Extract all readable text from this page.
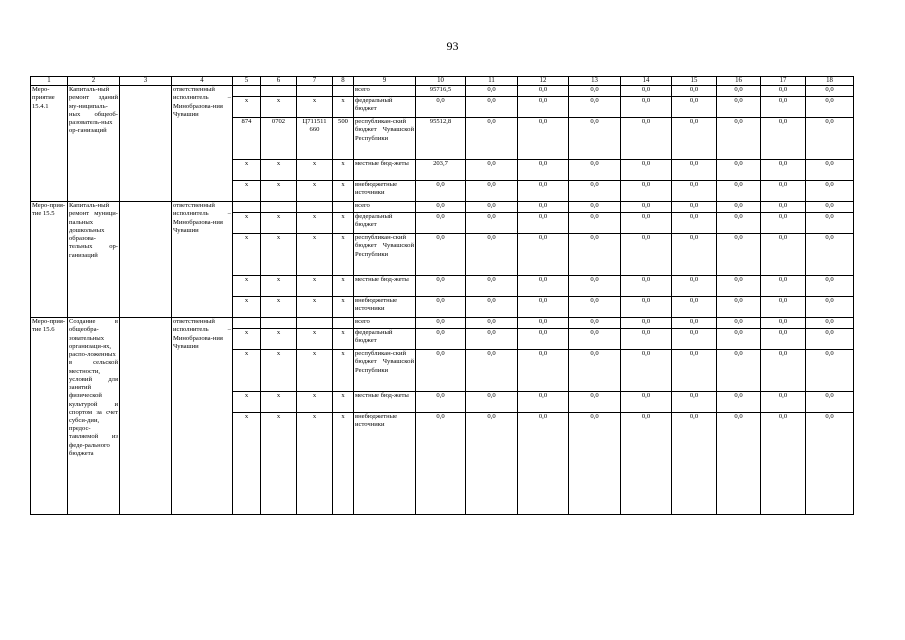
93
1	2	3	4	5	6	7	8	9	10	11	12	13	14	15	16	17	18
Меро-приятие 15.4.1	Капиталь-ный ремонт зданий му-ниципаль-ных общеоб-разователь-ных ор-ганизаций		ответственный исполнитель – Минобразова-ния Чувашии					всего	95716,5	0,0	0,0	0,0	0,0	0,0	0,0	0,0	0,0
				х	х	х	х	федеральный бюджет	0,0	0,0	0,0	0,0	0,0	0,0	0,0	0,0	0,0
				874	0702	Ц711511 660	500	республикан-ский бюджет Чувашской Республики	95512,8	0,0	0,0	0,0	0,0	0,0	0,0	0,0	0,0
				х	х	х	х	местные бюд-жеты	203,7	0,0	0,0	0,0	0,0	0,0	0,0	0,0	0,0
				х	х	х	х	внебюджетные источники	0,0	0,0	0,0	0,0	0,0	0,0	0,0	0,0	0,0
Меро-прия-тие 15.5	Капиталь-ный ремонт муници-пальных дошкольных образова-тельных ор-ганизаций		ответственный исполнитель – Минобразова-ния Чувашии					всего	0,0	0,0	0,0	0,0	0,0	0,0	0,0	0,0	0,0
				х	х	х	х	федеральный бюджет	0,0	0,0	0,0	0,0	0,0	0,0	0,0	0,0	0,0
				х	х	х	х	республикан-ский бюджет Чувашской Республики	0,0	0,0	0,0	0,0	0,0	0,0	0,0	0,0	0,0
				х	х	х	х	местные бюд-жеты	0,0	0,0	0,0	0,0	0,0	0,0	0,0	0,0	0,0
				х	х	х	х	внебюджетные источники	0,0	0,0	0,0	0,0	0,0	0,0	0,0	0,0	0,0
Меро-прия-тие 15.6	Создание в общеобра-зовательных организаци-ях, распо-ложенных в сельской местности, условий для занятий физической культурой и спортом за счет субси-дии, предос-тавляемой из феде-рального бюджета		ответственный исполнитель – Минобразова-ния Чувашии					всего	0,0	0,0	0,0	0,0	0,0	0,0	0,0	0,0	0,0
				х	х	х	х	федеральный бюджет	0,0	0,0	0,0	0,0	0,0	0,0	0,0	0,0	0,0
				х	х	х	х	республикан-ский бюджет Чувашской Республики	0,0	0,0	0,0	0,0	0,0	0,0	0,0	0,0	0,0
				х	х	х	х	местные бюд-жеты	0,0	0,0	0,0	0,0	0,0	0,0	0,0	0,0	0,0
				х	х	х	х	внебюджетные источники	0,0	0,0	0,0	0,0	0,0	0,0	0,0	0,0	0,0
